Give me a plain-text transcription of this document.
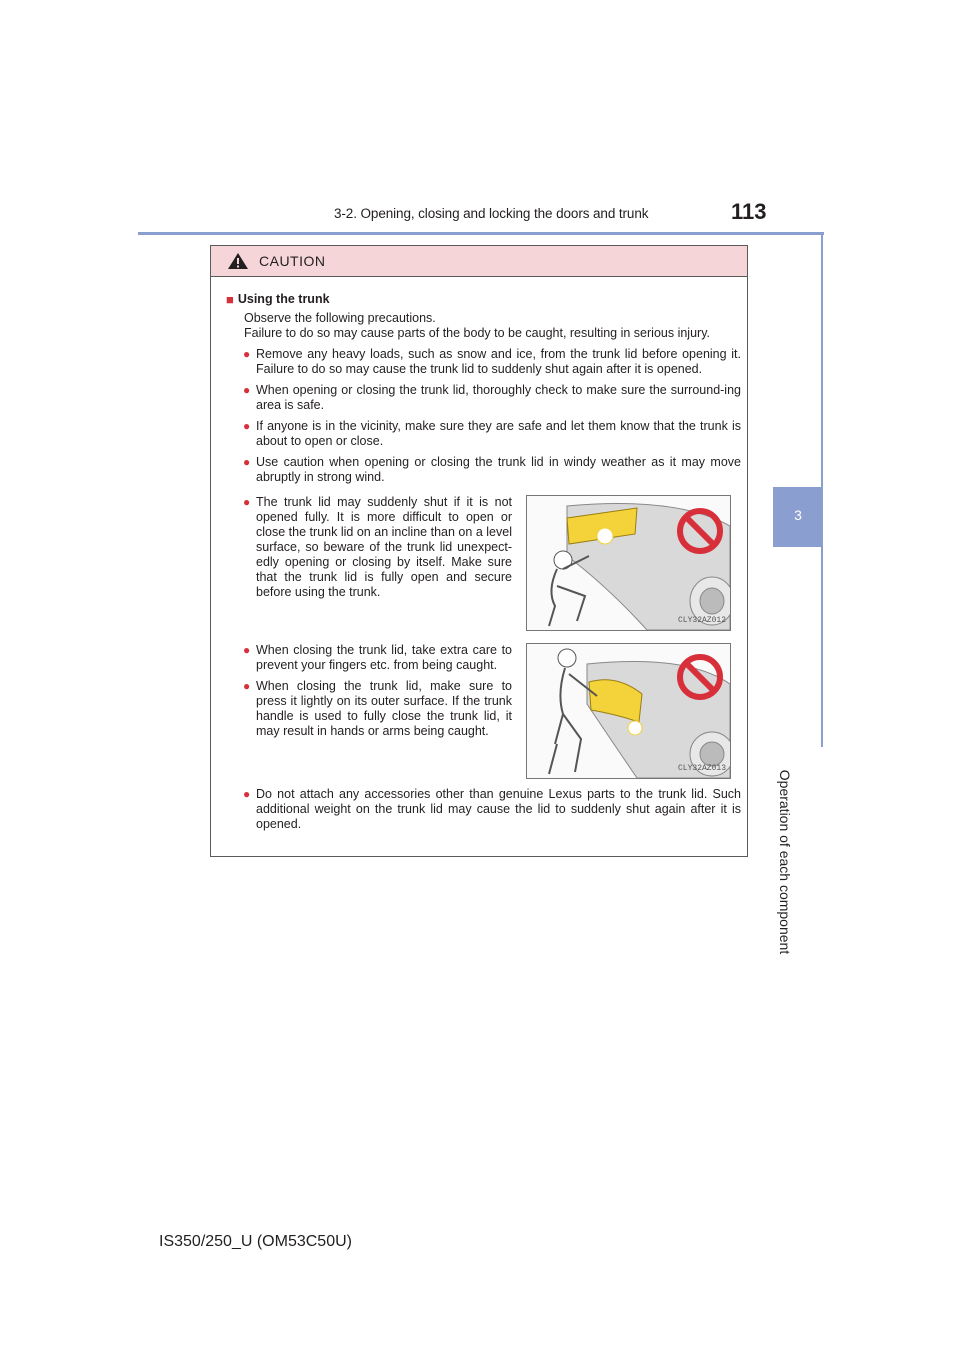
3-2. Opening, closing and locking the doors and trunk	113
3
Operation of each component
CAUTION
■ Using the trunk
Observe the following precautions.
Failure to do so may cause parts of the body to be caught, resulting in serious injury.
● Remove any heavy loads, such as snow and ice, from the trunk lid before opening it. Failure to do so may cause the trunk lid to suddenly shut again after it is opened.
● When opening or closing the trunk lid, thoroughly check to make sure the surround-ing area is safe.
● If anyone is in the vicinity, make sure they are safe and let them know that the trunk is about to open or close.
● Use caution when opening or closing the trunk lid in windy weather as it may move abruptly in strong wind.
● The trunk lid may suddenly shut if it is not opened fully. It is more difficult to open or close the trunk lid on an incline than on a level surface, so beware of the trunk lid unexpect-edly opening or closing by itself. Make sure that the trunk lid is fully open and secure before using the trunk.
CLY32AZ012
● When closing the trunk lid, take extra care to prevent your fingers etc. from being caught.
● When closing the trunk lid, make sure to press it lightly on its outer surface. If the trunk handle is used to fully close the trunk lid, it may result in hands or arms being caught.
CLY32AZ013
● Do not attach any accessories other than genuine Lexus parts to the trunk lid. Such additional weight on the trunk lid may cause the lid to suddenly shut again after it is opened.
IS350/250_U (OM53C50U)
